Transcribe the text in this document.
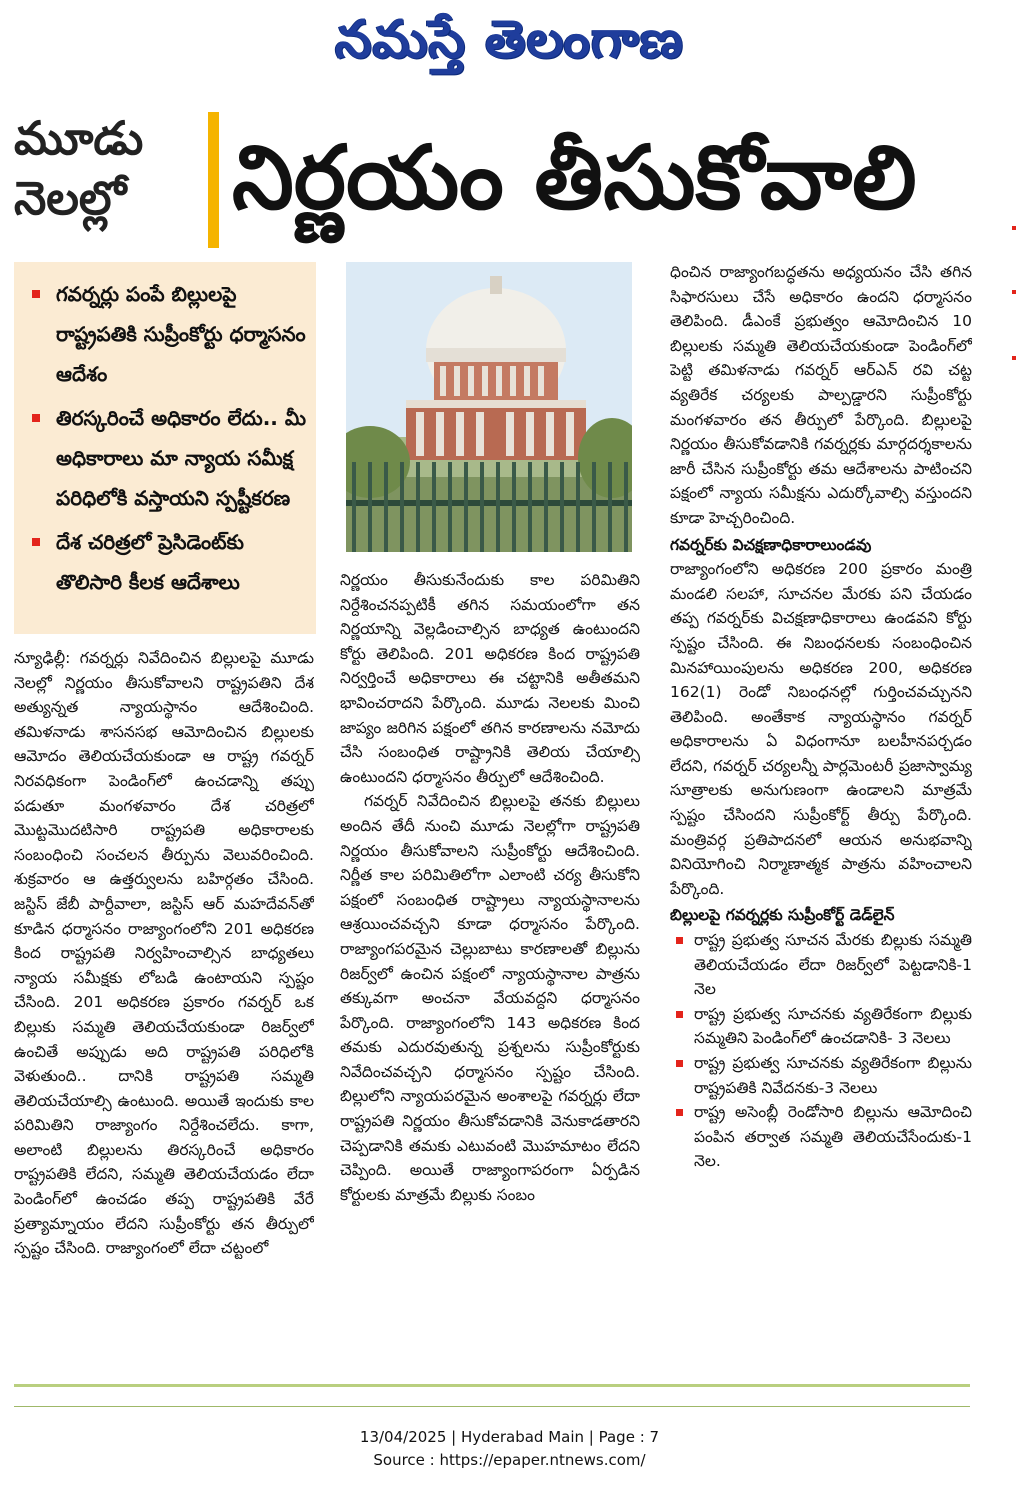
నమస్తే తెలంగాణ
మూడు నెలల్లో	నిర్ణయం తీసుకోవాలి
గవర్నర్లు పంపే బిల్లులపై రాష్ట్రపతికి సుప్రీంకోర్టు ధర్మాసనం ఆదేశం
తిరస్కరించే అధికారం లేదు.. మీ అధికారాలు మా న్యాయ సమీక్ష పరిధిలోకి వస్తాయని స్పష్టీకరణ
దేశ చరిత్రలో ప్రెసిడెంట్‌కు తొలిసారి కీలక ఆదేశాలు

న్యూఢిల్లీ: గవర్నర్లు నివేదించిన బిల్లులపై మూడు నెలల్లో నిర్ణయం తీసుకోవాలని రాష్ట్రపతిని దేశ అత్యున్నత న్యాయస్థానం ఆదేశించింది. తమిళనాడు శాసనసభ ఆమోదించిన బిల్లులకు ఆమోదం తెలియచేయకుండా ఆ రాష్ట్ర గవర్నర్ నిరవధికంగా పెండింగ్‌లో ఉంచడాన్ని తప్పు పడుతూ మంగళవారం దేశ చరిత్రలో మొట్టమొదటిసారి రాష్ట్రపతి అధికారాలకు సంబంధించి సంచలన తీర్పును వెలువరించింది. శుక్రవారం ఆ ఉత్తర్వులను బహిర్గతం చేసింది. జస్టిస్ జేబీ పార్దీవాలా, జస్టిస్ ఆర్ మహదేవన్‌తో కూడిన ధర్మాసనం రాజ్యాంగంలోని 201 అధికరణ కింద రాష్ట్రపతి నిర్వహించాల్సిన బాధ్యతలు న్యాయ సమీక్షకు లోబడి ఉంటాయని స్పష్టం చేసింది. 201 అధికరణ ప్రకారం గవర్నర్ ఒక బిల్లుకు సమ్మతి తెలియచేయకుండా రిజర్వ్‌లో ఉంచితే అప్పుడు అది రాష్ట్రపతి పరిధిలోకి వెళుతుంది.. దానికి రాష్ట్రపతి సమ్మతి తెలియచేయాల్సి ఉంటుంది. అయితే ఇందుకు కాల పరిమితిని రాజ్యాంగం నిర్దేశించలేదు. కాగా, అలాంటి బిల్లులను తిరస్కరించే అధికారం రాష్ట్రపతికి లేదని, సమ్మతి తెలియచేయడం లేదా పెండింగ్‌లో ఉంచడం తప్ప రాష్ట్రపతికి వేరే ప్రత్యామ్నాయం లేదని సుప్రీంకోర్టు తన తీర్పులో స్పష్టం చేసింది. రాజ్యాంగంలో లేదా చట్టంలో

నిర్ణయం తీసుకునేందుకు కాల పరిమితిని నిర్దేశించనప్పటికీ తగిన సమయంలోగా తన నిర్ణయాన్ని వెల్లడించాల్సిన బాధ్యత ఉంటుందని కోర్టు తెలిపింది. 201 అధికరణ కింద రాష్ట్రపతి నిర్వర్తించే అధికారాలు ఈ చట్టానికి అతీతమని భావించరాదని పేర్కొంది. మూడు నెలలకు మించి జాప్యం జరిగిన పక్షంలో తగిన కారణాలను నమోదు చేసి సంబంధిత రాష్ట్రానికి తెలియ చేయాల్సి ఉంటుందని ధర్మాసనం తీర్పులో ఆదేశించింది.

గవర్నర్ నివేదించిన బిల్లులపై తనకు బిల్లులు అందిన తేదీ నుంచి మూడు నెలల్లోగా రాష్ట్రపతి నిర్ణయం తీసుకోవాలని సుప్రీంకోర్టు ఆదేశించింది. నిర్ణీత కాల పరిమితిలోగా ఎలాంటి చర్య తీసుకోని పక్షంలో సంబంధిత రాష్ట్రాలు న్యాయస్థానాలను ఆశ్రయించవచ్చని కూడా ధర్మాసనం పేర్కొంది. రాజ్యాంగపరమైన చెల్లుబాటు కారణాలతో బిల్లును రిజర్వ్‌లో ఉంచిన పక్షంలో న్యాయస్థానాల పాత్రను తక్కువగా అంచనా వేయవద్దని ధర్మాసనం పేర్కొంది. రాజ్యాంగంలోని 143 అధికరణ కింద తమకు ఎదురవుతున్న ప్రశ్నలను సుప్రీంకోర్టుకు నివేదించవచ్చని ధర్మాసనం స్పష్టం చేసింది. బిల్లులోని న్యాయపరమైన అంశాలపై గవర్నర్లు లేదా రాష్ట్రపతి నిర్ణయం తీసుకోవడానికి వెనుకాడతారని చెప్పడానికి తమకు ఎటువంటి మొహమాటం లేదని చెప్పింది. అయితే రాజ్యాంగాపరంగా ఏర్పడిన కోర్టులకు మాత్రమే బిల్లుకు సంబం

ధించిన రాజ్యాంగబద్ధతను అధ్యయనం చేసి తగిన సిఫారసులు చేసే అధికారం ఉందని ధర్మాసనం తెలిపింది. డీఎంకే ప్రభుత్వం ఆమోదించిన 10 బిల్లులకు సమ్మతి తెలియచేయకుండా పెండింగ్‌లో పెట్టి తమిళనాడు గవర్నర్ ఆర్‌ఎన్ రవి చట్ట వ్యతిరేక చర్యలకు పాల్పడ్డారని సుప్రీంకోర్టు మంగళవారం తన తీర్పులో పేర్కొంది. బిల్లులపై నిర్ణయం తీసుకోవడానికి గవర్నర్లకు మార్గదర్శకాలను జారీ చేసిన సుప్రీంకోర్టు తమ ఆదేశాలను పాటించని పక్షంలో న్యాయ సమీక్షను ఎదుర్కోవాల్సి వస్తుందని కూడా హెచ్చరించింది.

గవర్నర్‌కు విచక్షణాధికారాలుండవు

రాజ్యాంగంలోని అధికరణ 200 ప్రకారం మంత్రి మండలి సలహా, సూచనల మేరకు పని చేయడం తప్ప గవర్నర్‌కు విచక్షణాధికారాలు ఉండవని కోర్టు స్పష్టం చేసింది. ఈ నిబంధనలకు సంబంధించిన మినహాయింపులను అధికరణ 200, అధికరణ 162(1) రెండో నిబంధనల్లో గుర్తించవచ్చునని తెలిపింది. అంతేకాక న్యాయస్థానం గవర్నర్ అధికారాలను ఏ విధంగానూ బలహీనపర్చడం లేదని, గవర్నర్ చర్యలన్నీ పార్లమెంటరీ ప్రజాస్వామ్య సూత్రాలకు అనుగుణంగా ఉండాలని మాత్రమే స్పష్టం చేసిందని సుప్రీంకోర్ట్ తీర్పు పేర్కొంది. మంత్రివర్గ ప్రతిపాదనలో ఆయన అనుభవాన్ని వినియోగించి నిర్మాణాత్మక పాత్రను వహించాలని పేర్కొంది.

బిల్లులపై గవర్నర్లకు సుప్రీంకోర్ట్ డెడ్‌లైన్

రాష్ట్ర ప్రభుత్వ సూచన మేరకు బిల్లుకు సమ్మతి తెలియచేయడం లేదా రిజర్వ్‌లో పెట్టడానికి-1 నెల
రాష్ట్ర ప్రభుత్వ సూచనకు వ్యతిరేకంగా బిల్లుకు సమ్మతిని పెండింగ్‌లో ఉంచడానికి- 3 నెలలు
రాష్ట్ర ప్రభుత్వ సూచనకు వ్యతిరేకంగా బిల్లును రాష్ట్రపతికి నివేదనకు-3 నెలలు
రాష్ట్ర అసెంబ్లీ రెండోసారి బిల్లును ఆమోదించి పంపిన తర్వాత సమ్మతి తెలియచేసేందుకు-1 నెల.
13/04/2025 | Hyderabad Main | Page : 7
Source : https://epaper.ntnews.com/
